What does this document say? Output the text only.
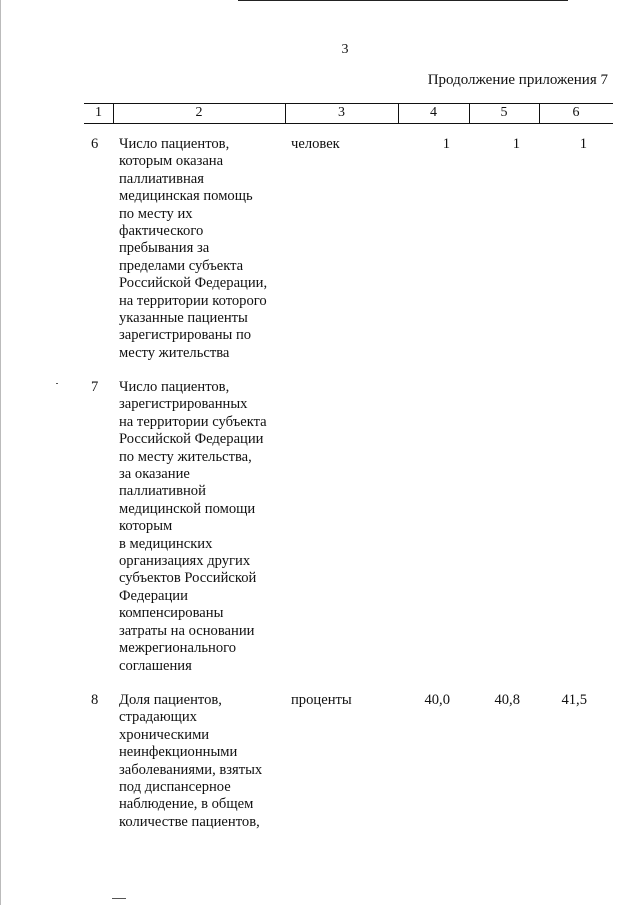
3
Продолжение приложения 7
1	2	3	4	5	6
6 Число пациентов,
которым оказана
паллиативная
медицинская помощь
по месту их
фактического
пребывания за
пределами субъекта
Российской Федерации,
на территории которого
указанные пациенты
зарегистрированы по
месту жительства
человек	1	1	1
7 Число пациентов,
зарегистрированных
на территории субъекта
Российской Федерации
по месту жительства,
за оказание
паллиативной
медицинской помощи
которым
в медицинских
организациях других
субъектов Российской
Федерации
компенсированы
затраты на основании
межрегионального
соглашения
8 Доля пациентов,
страдающих
хроническими
неинфекционными
заболеваниями, взятых
под диспансерное
наблюдение, в общем
количестве пациентов,
проценты	40,0	40,8	41,5
